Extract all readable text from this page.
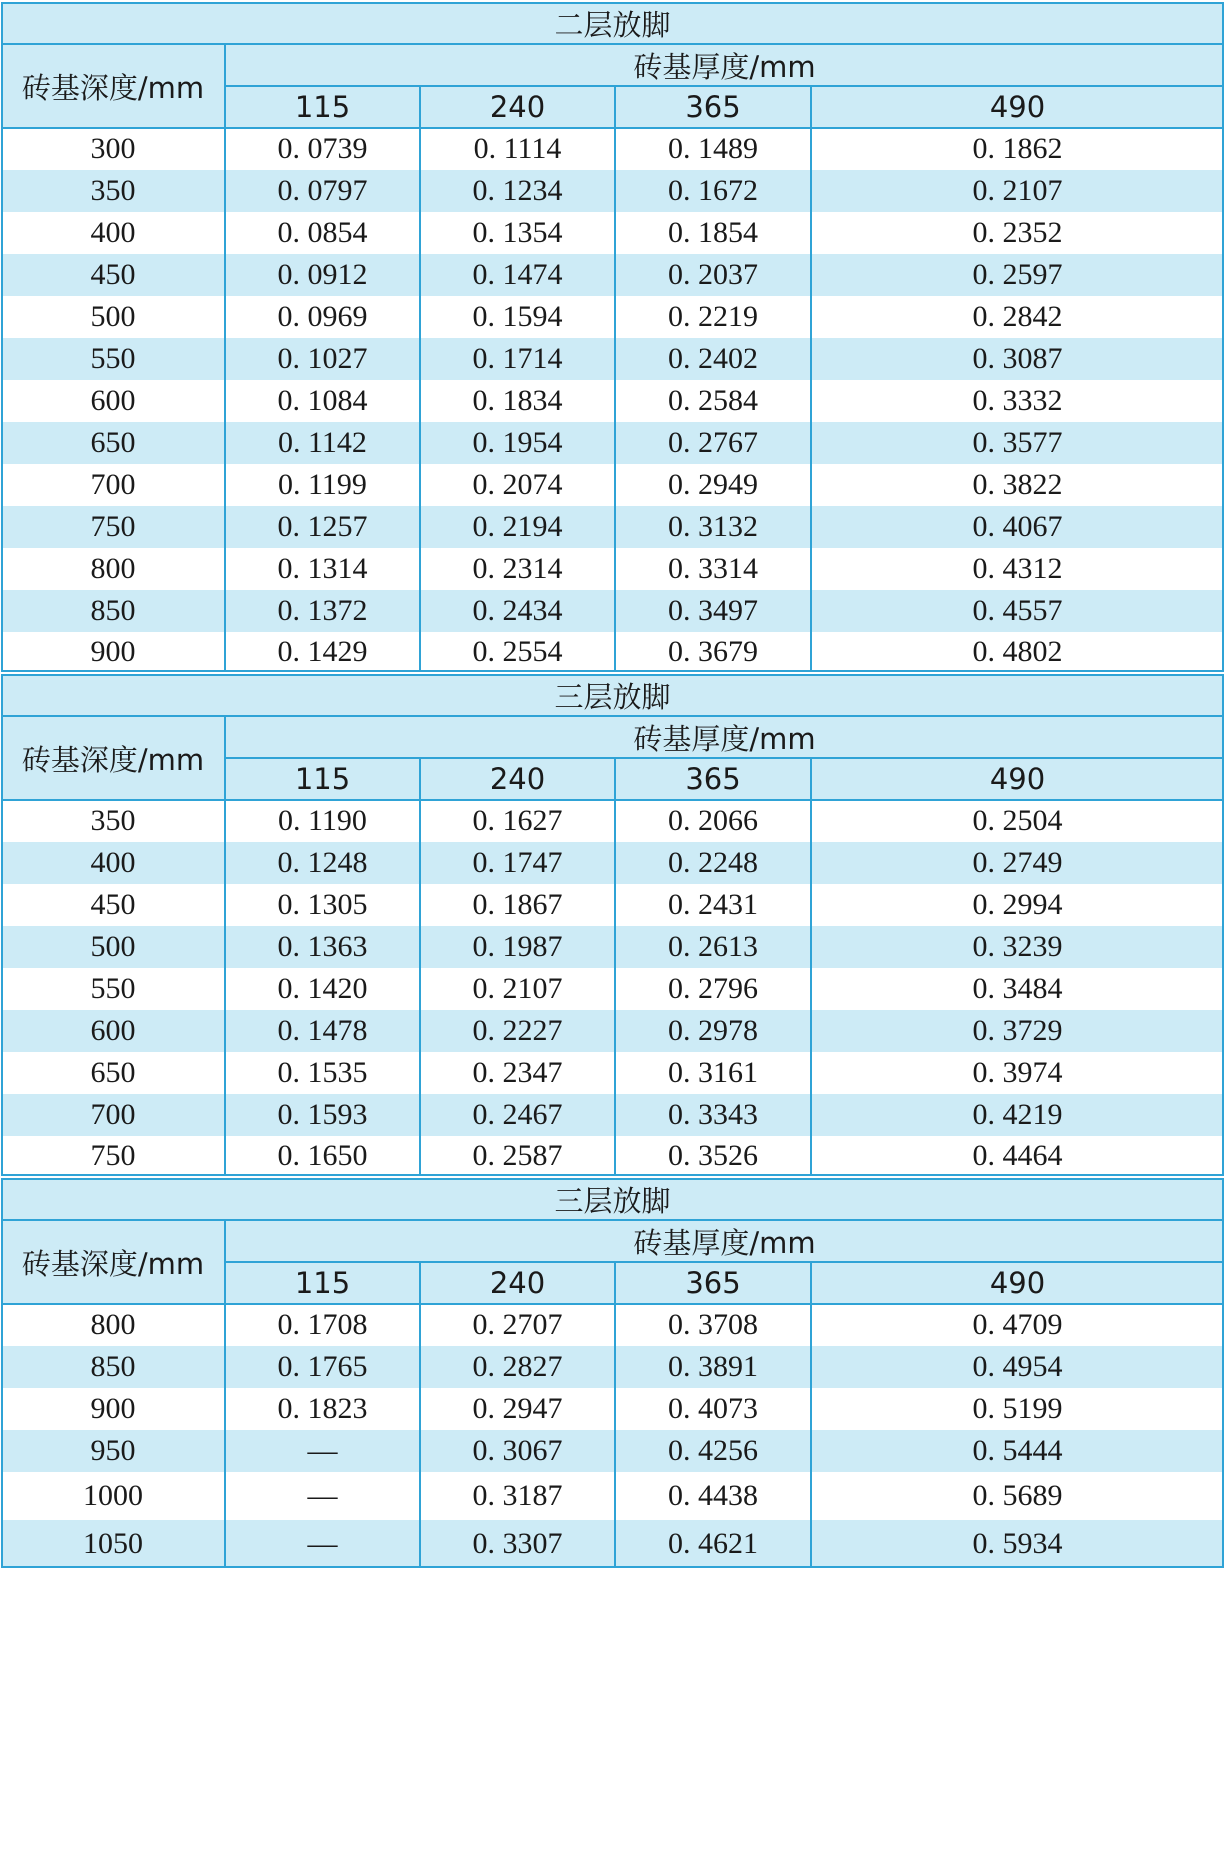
二层放脚
砖基深度/mm
砖基厚度/mm
115	240	365	490
300	0. 0739	0. 1114	0. 1489	0. 1862
350	0. 0797	0. 1234	0. 1672	0. 2107
400	0. 0854	0. 1354	0. 1854	0. 2352
450	0. 0912	0. 1474	0. 2037	0. 2597
500	0. 0969	0. 1594	0. 2219	0. 2842
550	0. 1027	0. 1714	0. 2402	0. 3087
600	0. 1084	0. 1834	0. 2584	0. 3332
650	0. 1142	0. 1954	0. 2767	0. 3577
700	0. 1199	0. 2074	0. 2949	0. 3822
750	0. 1257	0. 2194	0. 3132	0. 4067
800	0. 1314	0. 2314	0. 3314	0. 4312
850	0. 1372	0. 2434	0. 3497	0. 4557
900	0. 1429	0. 2554	0. 3679	0. 4802
三层放脚
砖基深度/mm
砖基厚度/mm
115	240	365	490
350	0. 1190	0. 1627	0. 2066	0. 2504
400	0. 1248	0. 1747	0. 2248	0. 2749
450	0. 1305	0. 1867	0. 2431	0. 2994
500	0. 1363	0. 1987	0. 2613	0. 3239
550	0. 1420	0. 2107	0. 2796	0. 3484
600	0. 1478	0. 2227	0. 2978	0. 3729
650	0. 1535	0. 2347	0. 3161	0. 3974
700	0. 1593	0. 2467	0. 3343	0. 4219
750	0. 1650	0. 2587	0. 3526	0. 4464
三层放脚
砖基深度/mm
砖基厚度/mm
115	240	365	490
800	0. 1708	0. 2707	0. 3708	0. 4709
850	0. 1765	0. 2827	0. 3891	0. 4954
900	0. 1823	0. 2947	0. 4073	0. 5199
950	—	0. 3067	0. 4256	0. 5444
1000	—	0. 3187	0. 4438	0. 5689
1050	—	0. 3307	0. 4621	0. 5934
